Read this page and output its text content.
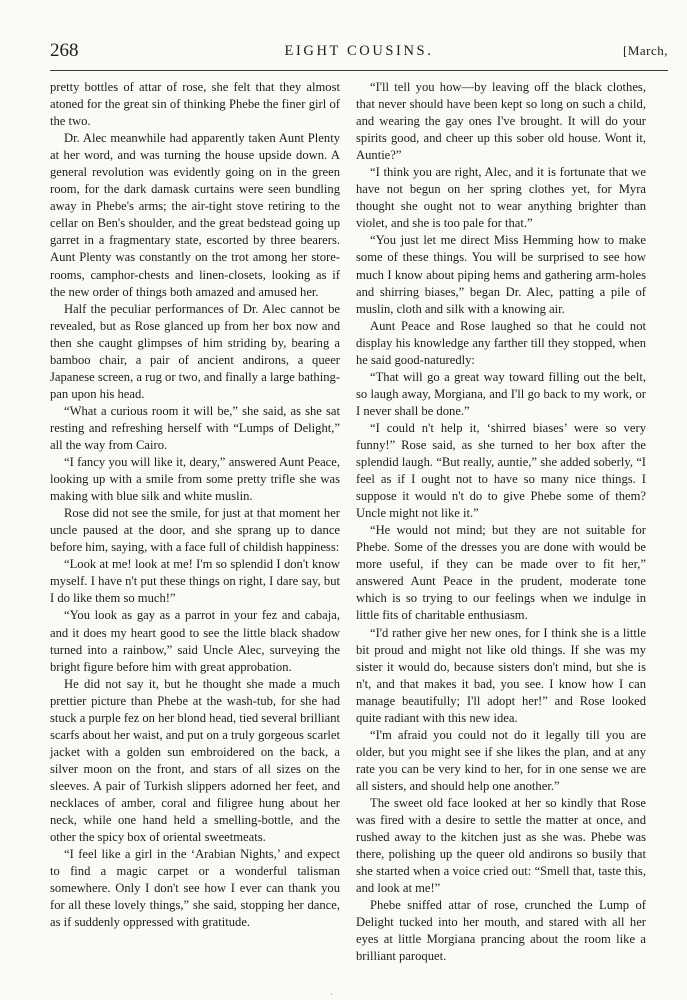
268	EIGHT COUSINS.	[March,

pretty bottles of attar of rose, she felt that they almost atoned for the great sin of thinking Phebe the finer girl of the two.

Dr. Alec meanwhile had apparently taken Aunt Plenty at her word, and was turning the house upside down. A general revolution was evidently going on in the green room, for the dark damask curtains were seen bundling away in Phebe's arms; the air-tight stove retiring to the cellar on Ben's shoulder, and the great bedstead going up garret in a fragmentary state, escorted by three bearers. Aunt Plenty was constantly on the trot among her store-rooms, camphor-chests and linen-closets, looking as if the new order of things both amazed and amused her.

Half the peculiar performances of Dr. Alec cannot be revealed, but as Rose glanced up from her box now and then she caught glimpses of him striding by, bearing a bamboo chair, a pair of ancient andirons, a queer Japanese screen, a rug or two, and finally a large bathing-pan upon his head.

“What a curious room it will be,” she said, as she sat resting and refreshing herself with “Lumps of Delight,” all the way from Cairo.

“I fancy you will like it, deary,” answered Aunt Peace, looking up with a smile from some pretty trifle she was making with blue silk and white muslin.

Rose did not see the smile, for just at that moment her uncle paused at the door, and she sprang up to dance before him, saying, with a face full of childish happiness:

“Look at me! look at me! I'm so splendid I don't know myself. I have n't put these things on right, I dare say, but I do like them so much!”

“You look as gay as a parrot in your fez and cabaja, and it does my heart good to see the little black shadow turned into a rainbow,” said Uncle Alec, surveying the bright figure before him with great approbation.

He did not say it, but he thought she made a much prettier picture than Phebe at the wash-tub, for she had stuck a purple fez on her blond head, tied several brilliant scarfs about her waist, and put on a truly gorgeous scarlet jacket with a golden sun embroidered on the back, a silver moon on the front, and stars of all sizes on the sleeves. A pair of Turkish slippers adorned her feet, and necklaces of amber, coral and filigree hung about her neck, while one hand held a smelling-bottle, and the other the spicy box of oriental sweetmeats.

“I feel like a girl in the ‘Arabian Nights,’ and expect to find a magic carpet or a wonderful talisman somewhere. Only I don't see how I ever can thank you for all these lovely things,” she said, stopping her dance, as if suddenly oppressed with gratitude.

“I'll tell you how—by leaving off the black clothes, that never should have been kept so long on such a child, and wearing the gay ones I've brought. It will do your spirits good, and cheer up this sober old house. Wont it, Auntie?”

“I think you are right, Alec, and it is fortunate that we have not begun on her spring clothes yet, for Myra thought she ought not to wear anything brighter than violet, and she is too pale for that.”

“You just let me direct Miss Hemming how to make some of these things. You will be surprised to see how much I know about piping hems and gathering arm-holes and shirring biases,” began Dr. Alec, patting a pile of muslin, cloth and silk with a knowing air.

Aunt Peace and Rose laughed so that he could not display his knowledge any farther till they stopped, when he said good-naturedly:

“That will go a great way toward filling out the belt, so laugh away, Morgiana, and I'll go back to my work, or I never shall be done.”

“I could n't help it, ‘shirred biases’ were so very funny!” Rose said, as she turned to her box after the splendid laugh. “But really, auntie,” she added soberly, “I feel as if I ought not to have so many nice things. I suppose it would n't do to give Phebe some of them? Uncle might not like it.”

“He would not mind; but they are not suitable for Phebe. Some of the dresses you are done with would be more useful, if they can be made over to fit her,” answered Aunt Peace in the prudent, moderate tone which is so trying to our feelings when we indulge in little fits of charitable enthusiasm.

“I'd rather give her new ones, for I think she is a little bit proud and might not like old things. If she was my sister it would do, because sisters don't mind, but she is n't, and that makes it bad, you see. I know how I can manage beautifully; I'll adopt her!” and Rose looked quite radiant with this new idea.

“I'm afraid you could not do it legally till you are older, but you might see if she likes the plan, and at any rate you can be very kind to her, for in one sense we are all sisters, and should help one another.”

The sweet old face looked at her so kindly that Rose was fired with a desire to settle the matter at once, and rushed away to the kitchen just as she was. Phebe was there, polishing up the queer old andirons so busily that she started when a voice cried out: “Smell that, taste this, and look at me!”

Phebe sniffed attar of rose, crunched the Lump of Delight tucked into her mouth, and stared with all her eyes at little Morgiana prancing about the room like a brilliant paroquet.

ˏ
